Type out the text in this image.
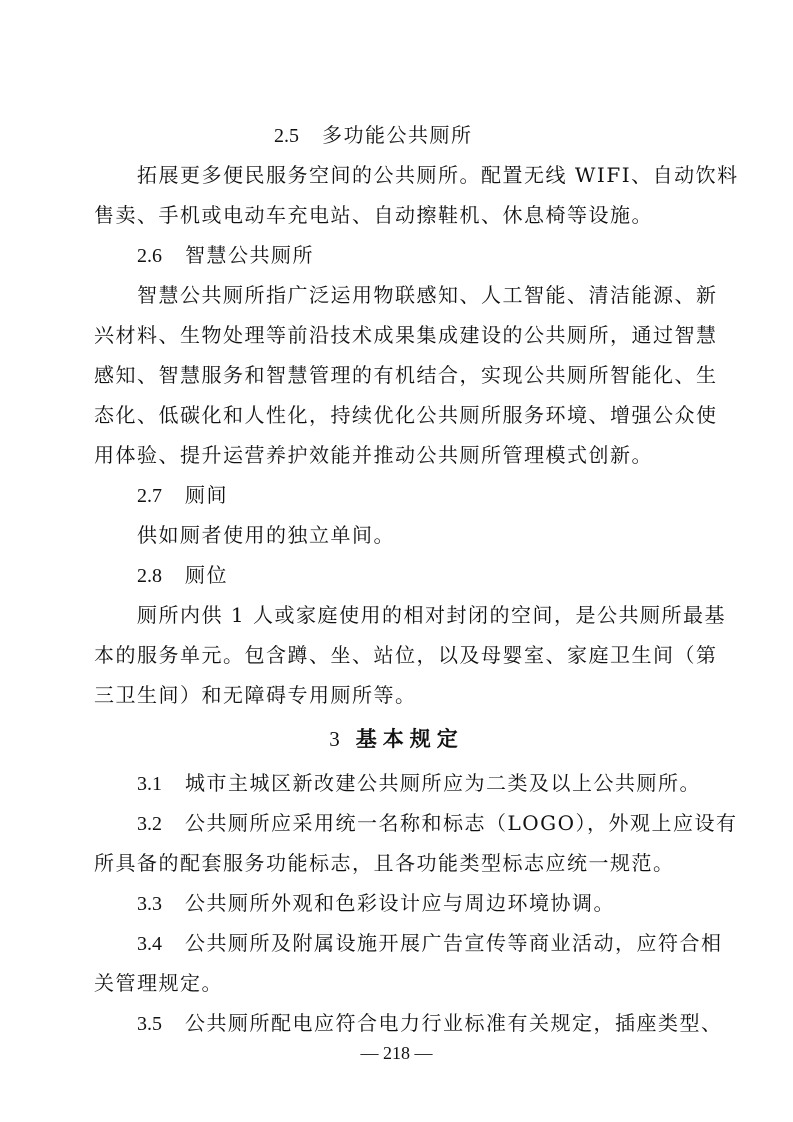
2.5 多功能公共厕所
拓展更多便民服务空间的公共厕所。配置无线 WIFI、自动饮料
售卖、手机或电动车充电站、自动擦鞋机、休息椅等设施。
2.6 智慧公共厕所
智慧公共厕所指广泛运用物联感知、人工智能、清洁能源、新
兴材料、生物处理等前沿技术成果集成建设的公共厕所，通过智慧
感知、智慧服务和智慧管理的有机结合，实现公共厕所智能化、生
态化、低碳化和人性化，持续优化公共厕所服务环境、增强公众使
用体验、提升运营养护效能并推动公共厕所管理模式创新。
2.7 厕间
供如厕者使用的独立单间。
2.8 厕位
厕所内供 1 人或家庭使用的相对封闭的空间，是公共厕所最基
本的服务单元。包含蹲、坐、站位，以及母婴室、家庭卫生间（第
三卫生间）和无障碍专用厕所等。
3 基本规定
3.1 城市主城区新改建公共厕所应为二类及以上公共厕所。
3.2 公共厕所应采用统一名称和标志（LOGO），外观上应设有
所具备的配套服务功能标志，且各功能类型标志应统一规范。
3.3 公共厕所外观和色彩设计应与周边环境协调。
3.4 公共厕所及附属设施开展广告宣传等商业活动，应符合相
关管理规定。
3.5 公共厕所配电应符合电力行业标准有关规定，插座类型、
— 218 —
